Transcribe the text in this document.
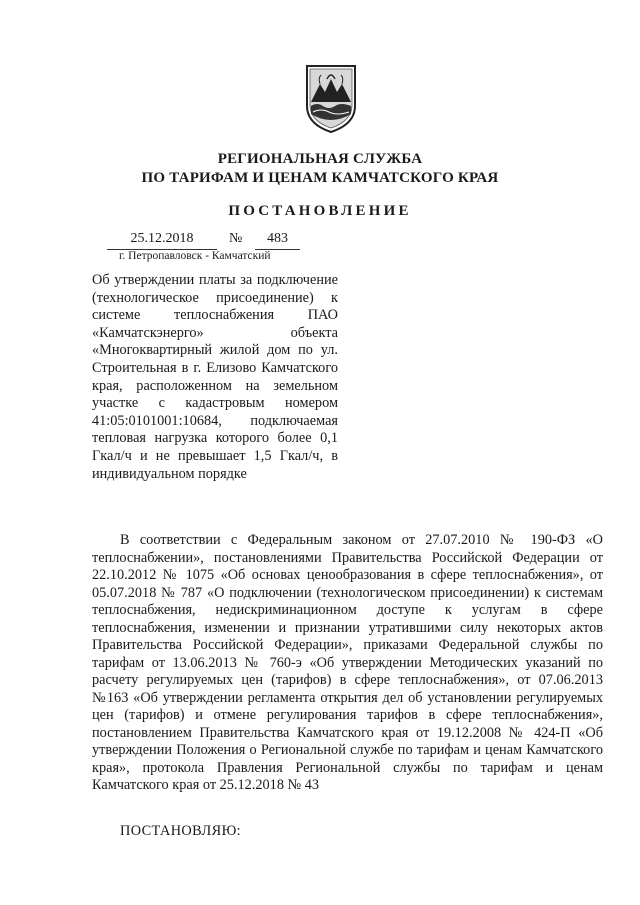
РЕГИОНАЛЬНАЯ СЛУЖБА
ПО ТАРИФАМ И ЦЕНАМ КАМЧАТСКОГО КРАЯ
ПОСТАНОВЛЕНИЕ
25.12.2018	№	483
г. Петропавловск - Камчатский
Об утверждении платы за подключение (технологическое присоединение) к системе теплоснабжения ПАО «Камчатскэнерго» объекта «Многоквартирный жилой дом по ул. Строительная в г. Елизово Камчатского края, расположенном на земельном участке с кадастровым номером 41:05:0101001:10684, подключаемая тепловая нагрузка которого более 0,1 Гкал/ч и не превышает 1,5 Гкал/ч, в индивидуальном порядке
В соответствии с Федеральным законом от 27.07.2010 № 190-ФЗ «О теплоснабжении», постановлениями Правительства Российской Федерации от 22.10.2012 № 1075 «Об основах ценообразования в сфере теплоснабжения», от 05.07.2018 № 787 «О подключении (технологическом присоединении) к системам теплоснабжения, недискриминационном доступе к услугам в сфере теплоснабжения, изменении и признании утратившими силу некоторых актов Правительства Российской Федерации», приказами Федеральной службы по тарифам от 13.06.2013 № 760-э «Об утверждении Методических указаний по расчету регулируемых цен (тарифов) в сфере теплоснабжения», от 07.06.2013 №163 «Об утверждении регламента открытия дел об установлении регулируемых цен (тарифов) и отмене регулирования тарифов в сфере теплоснабжения», постановлением Правительства Камчатского края от 19.12.2008 № 424-П «Об утверждении Положения о Региональной службе по тарифам и ценам Камчатского края», протокола Правления Региональной службы по тарифам и ценам Камчатского края от 25.12.2018 № 43
ПОСТАНОВЛЯЮ:
